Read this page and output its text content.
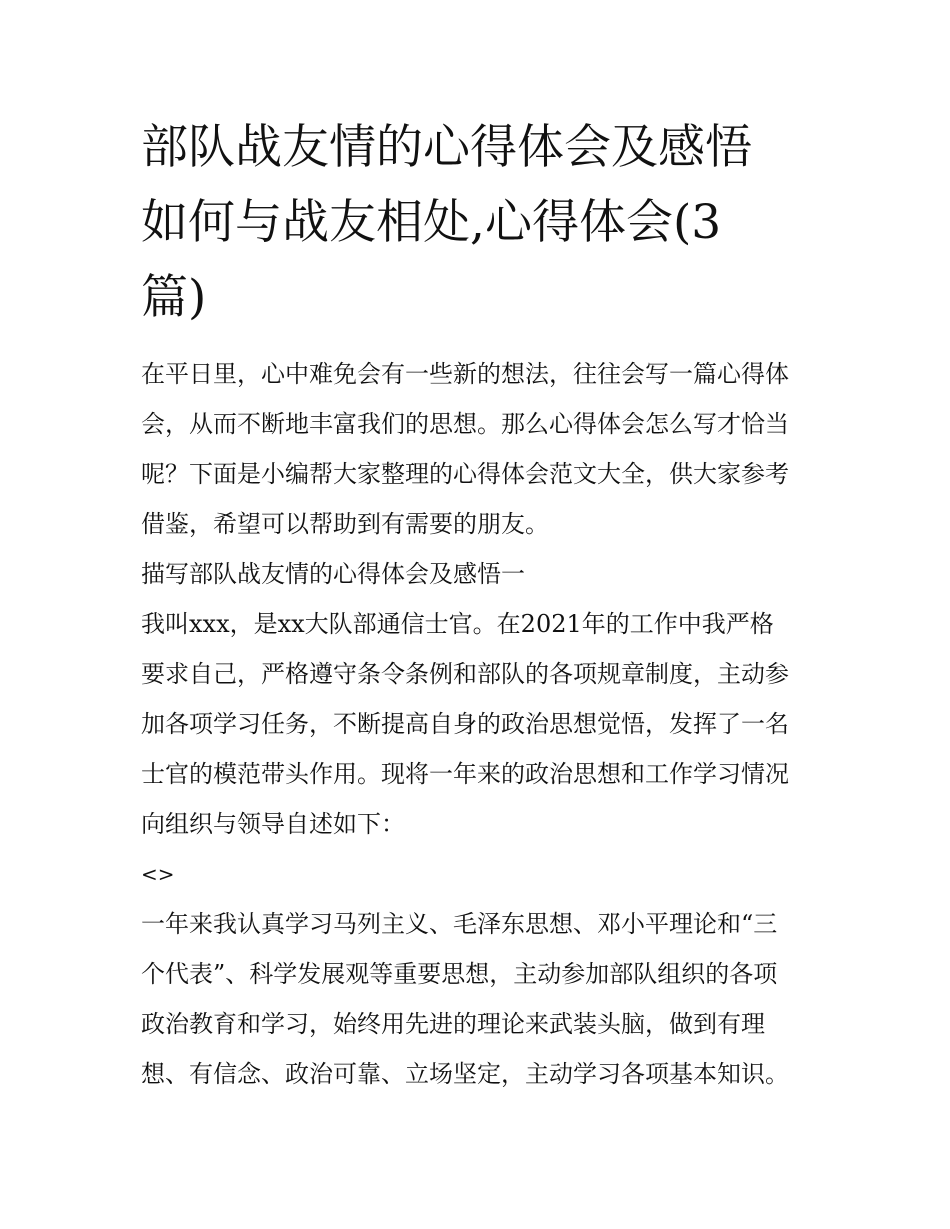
部队战友情的心得体会及感悟
如何与战友相处,心得体会(3
篇)

在平日里，心中难免会有一些新的想法，往往会写一篇心得体
会，从而不断地丰富我们的思想。那么心得体会怎么写才恰当
呢？下面是小编帮大家整理的心得体会范文大全，供大家参考
借鉴，希望可以帮助到有需要的朋友。

描写部队战友情的心得体会及感悟一

我叫xxx，是xx大队部通信士官。在2021年的工作中我严格
要求自己，严格遵守条令条例和部队的各项规章制度，主动参
加各项学习任务，不断提高自身的政治思想觉悟，发挥了一名
士官的模范带头作用。现将一年来的政治思想和工作学习情况
向组织与领导自述如下：

<>

一年来我认真学习马列主义、毛泽东思想、邓小平理论和“三
个代表”、科学发展观等重要思想，主动参加部队组织的各项
政治教育和学习，始终用先进的理论来武装头脑，做到有理
想、有信念、政治可靠、立场坚定，主动学习各项基本知识。
